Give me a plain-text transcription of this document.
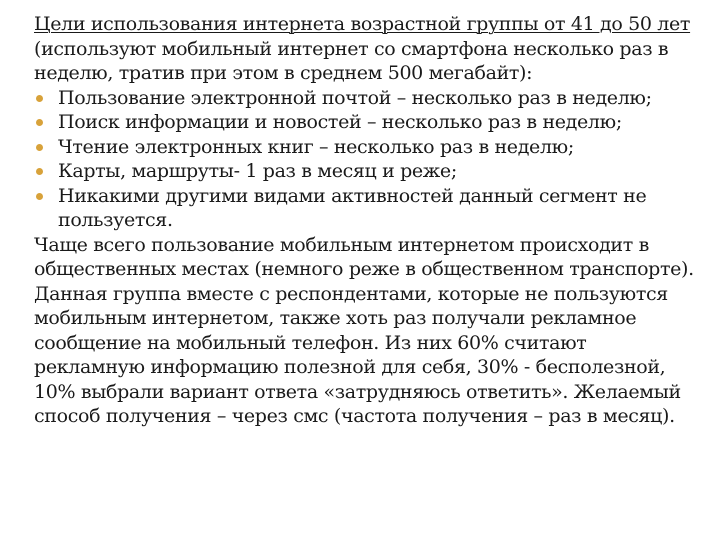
Цели использования интернета возрастной группы от 41 до 50 лет (используют мобильный интернет со смартфона несколько раз в неделю, тратив при этом в среднем 500 мегабайт):

Пользование электронной почтой – несколько раз в неделю;
Поиск информации и новостей – несколько раз в неделю;
Чтение электронных книг – несколько раз в неделю;
Карты, маршруты- 1 раз в месяц и реже;
Никакими другими видами активностей данный сегмент не пользуется.

Чаще всего пользование мобильным интернетом происходит в общественных местах (немного реже в общественном транспорте).

Данная группа вместе с респондентами, которые не пользуются мобильным интернетом, также хоть раз получали рекламное сообщение на мобильный телефон. Из них 60% считают рекламную информацию полезной для себя, 30% - бесполезной, 10% выбрали вариант ответа «затрудняюсь ответить». Желаемый способ получения – через смс (частота получения – раз в месяц).
